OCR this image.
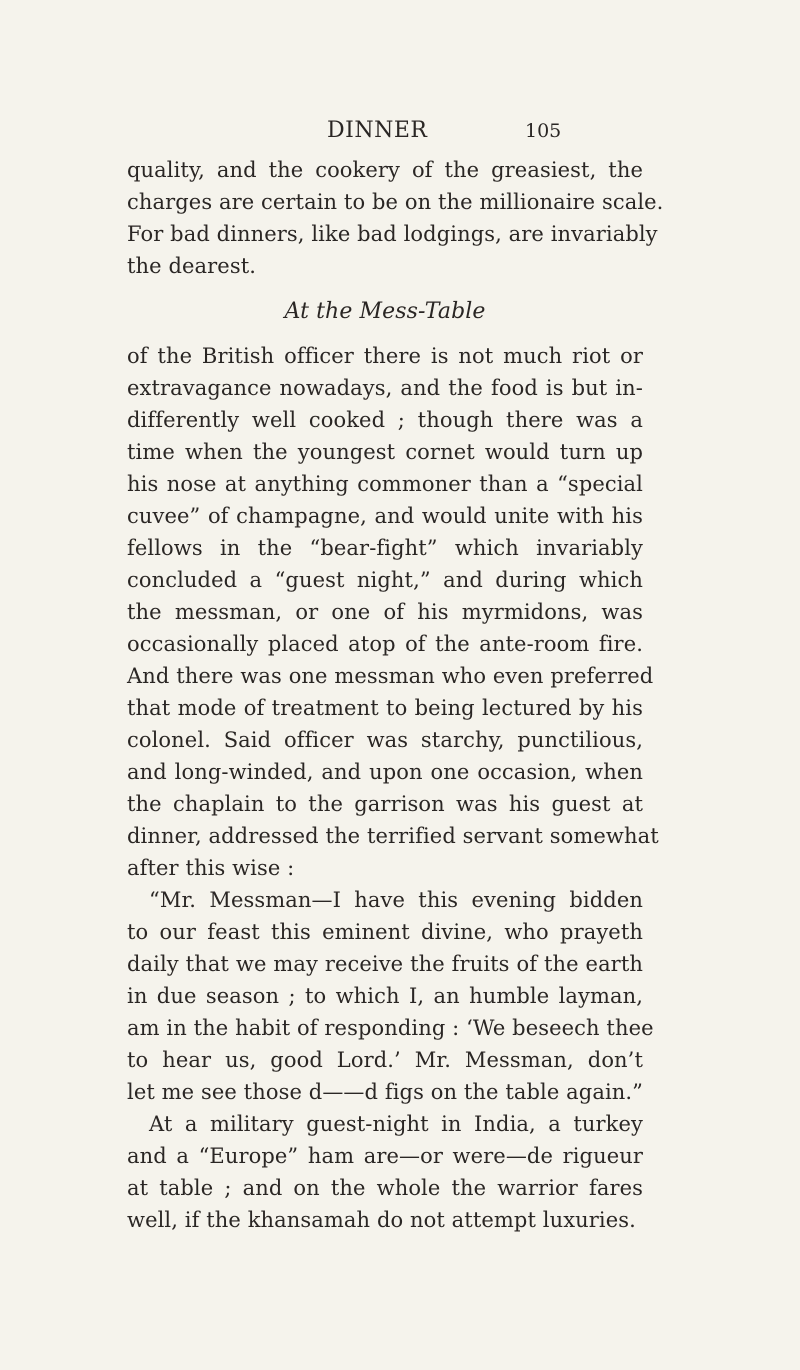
DINNER	105
quality, and the cookery of the greasiest, the
charges are certain to be on the millionaire scale.
For bad dinners, like bad lodgings, are invariably
the dearest.
At the Mess-Table
of the British officer there is not much riot or
extravagance nowadays, and the food is but in-
differently well cooked ; though there was a
time when the youngest cornet would turn up
his nose at anything commoner than a “special
cuvee” of champagne, and would unite with his
fellows in the “bear-fight” which invariably
concluded a “guest night,” and during which
the messman, or one of his myrmidons, was
occasionally placed atop of the ante-room fire.
And there was one messman who even preferred
that mode of treatment to being lectured by his
colonel. Said officer was starchy, punctilious,
and long-winded, and upon one occasion, when
the chaplain to the garrison was his guest at
dinner, addressed the terrified servant somewhat
after this wise :
“Mr. Messman—I have this evening bidden
to our feast this eminent divine, who prayeth
daily that we may receive the fruits of the earth
in due season ; to which I, an humble layman,
am in the habit of responding : ‘We beseech thee
to hear us, good Lord.’ Mr. Messman, don’t
let me see those d——d figs on the table again.”
At a military guest-night in India, a turkey
and a “Europe” ham are—or were—de rigueur
at table ; and on the whole the warrior fares
well, if the khansamah do not attempt luxuries.
